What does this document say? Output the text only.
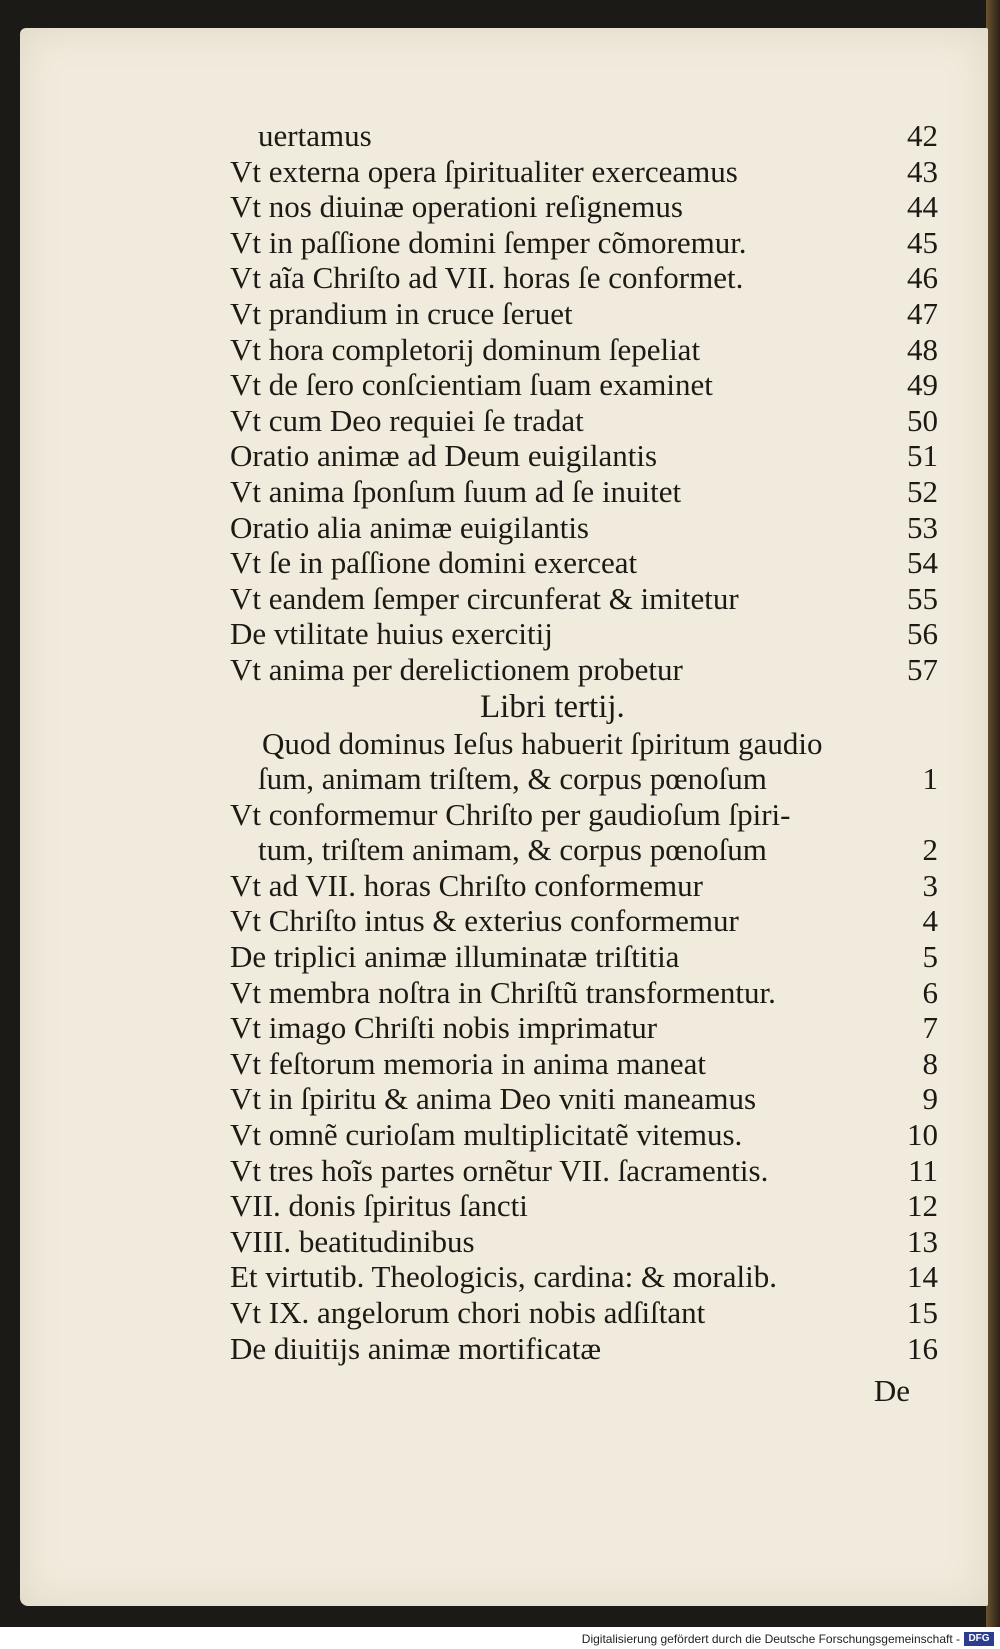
uertamus	42
Vt externa opera ſpiritualiter exerceamus	43
Vt nos diuinæ operationi reſignemus	44
Vt in paſſione domini ſemper cõmoremur.	45
Vt aĩa Chriſto ad VII. horas ſe conformet.	46
Vt prandium in cruce ſeruet	47
Vt hora completorij dominum ſepeliat	48
Vt de ſero conſcientiam ſuam examinet	49
Vt cum Deo requiei ſe tradat	50
Oratio animæ ad Deum euigilantis	51
Vt anima ſponſum ſuum ad ſe inuitet	52
Oratio alia animæ euigilantis	53
Vt ſe in paſſione domini exerceat	54
Vt eandem ſemper circunferat & imitetur	55
De vtilitate huius exercitij	56
Vt anima per derelictionem probetur	57
Libri tertij.
Quod dominus Ieſus habuerit ſpiritum gaudio
ſum, animam triſtem, & corpus pœnoſum	1
Vt conformemur Chriſto per gaudioſum ſpiri-
tum, triſtem animam, & corpus pœnoſum	2
Vt ad VII. horas Chriſto conformemur	3
Vt Chriſto intus & exterius conformemur	4
De triplici animæ illuminatæ triſtitia	5
Vt membra noſtra in Chriſtũ transformentur.	6
Vt imago Chriſti nobis imprimatur	7
Vt feſtorum memoria in anima maneat	8
Vt in ſpiritu & anima Deo vniti maneamus	9
Vt omnẽ curioſam multiplicitatẽ vitemus.	10
Vt tres hoĩs partes ornẽtur VII. ſacramentis.	11
VII. donis ſpiritus ſancti	12
VIII. beatitudinibus	13
Et virtutib. Theologicis, cardina: & moralib.	14
Vt IX. angelorum chori nobis adſiſtant	15
De diuitijs animæ mortificatæ	16
De
Digitalisierung gefördert durch die Deutsche Forschungsgemeinschaft - DFG
